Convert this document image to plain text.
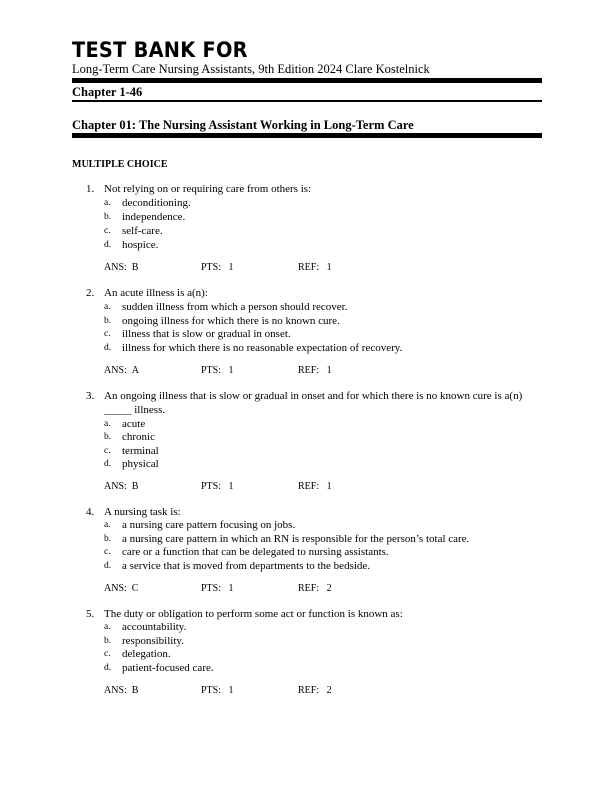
TEST BANK FOR
Long-Term Care Nursing Assistants, 9th Edition 2024 Clare Kostelnick
Chapter 1-46
Chapter 01: The Nursing Assistant Working in Long-Term Care
MULTIPLE CHOICE
1. Not relying on or requiring care from others is:
a. deconditioning.
b. independence.
c. self-care.
d. hospice.
ANS: B	PTS: 1	REF: 1
2. An acute illness is a(n):
a. sudden illness from which a person should recover.
b. ongoing illness for which there is no known cure.
c. illness that is slow or gradual in onset.
d. illness for which there is no reasonable expectation of recovery.
ANS: A	PTS: 1	REF: 1
3. An ongoing illness that is slow or gradual in onset and for which there is no known cure is a(n) _____ illness.
a. acute
b. chronic
c. terminal
d. physical
ANS: B	PTS: 1	REF: 1
4. A nursing task is:
a. a nursing care pattern focusing on jobs.
b. a nursing care pattern in which an RN is responsible for the person’s total care.
c. care or a function that can be delegated to nursing assistants.
d. a service that is moved from departments to the bedside.
ANS: C	PTS: 1	REF: 2
5. The duty or obligation to perform some act or function is known as:
a. accountability.
b. responsibility.
c. delegation.
d. patient-focused care.
ANS: B	PTS: 1	REF: 2
